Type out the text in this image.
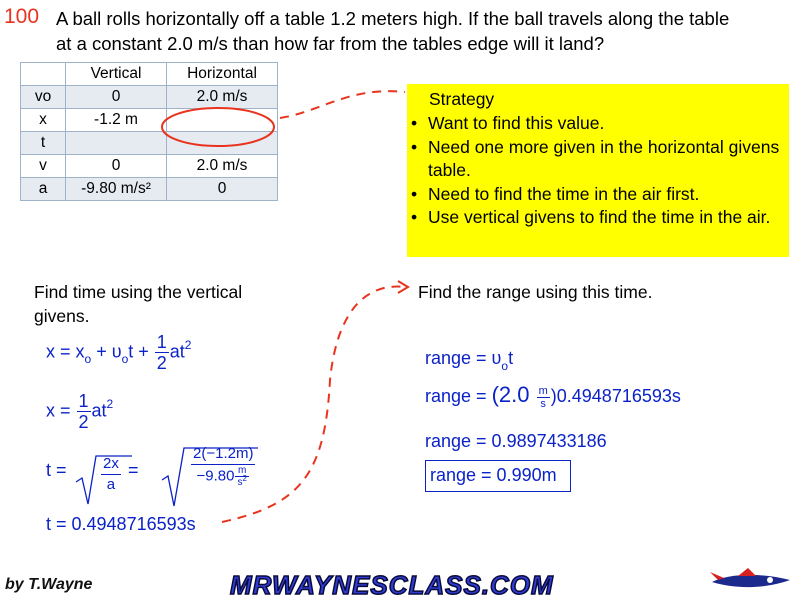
100 A ball rolls horizontally off a table 1.2 meters high. If the ball travels along the table
at a constant 2.0 m/s than how far from the tables edge will it land?
	Vertical	Horizontal
vo	0	2.0 m/s
x	-1.2 m	
t		
v	0	2.0 m/s
a	-9.80 m/s²	0
Strategy
• Want to find this value.
• Need one more given in the horizontal givens table.
• Need to find the time in the air first.
• Use vertical givens to find the time in the air.
Find time using the vertical givens.
Find the range using this time.
$x = x_o + \upsilon_ot + \frac{1}{2} at^2$
$x = \frac{1}{2} at^2$
$t = \frac{2x}{a}$ =	$\frac{2(-1.2m)}{-9.80 \frac{m}{s^2}}$
t = 0.4948716593s
range = $\upsilon_ot$
range = $(2.0 \frac{m}{s} )0.4948716593s$
range = 0.9897433186
range = 0.990m
by T.Wayne	MRWAYNESCLASS.COM
